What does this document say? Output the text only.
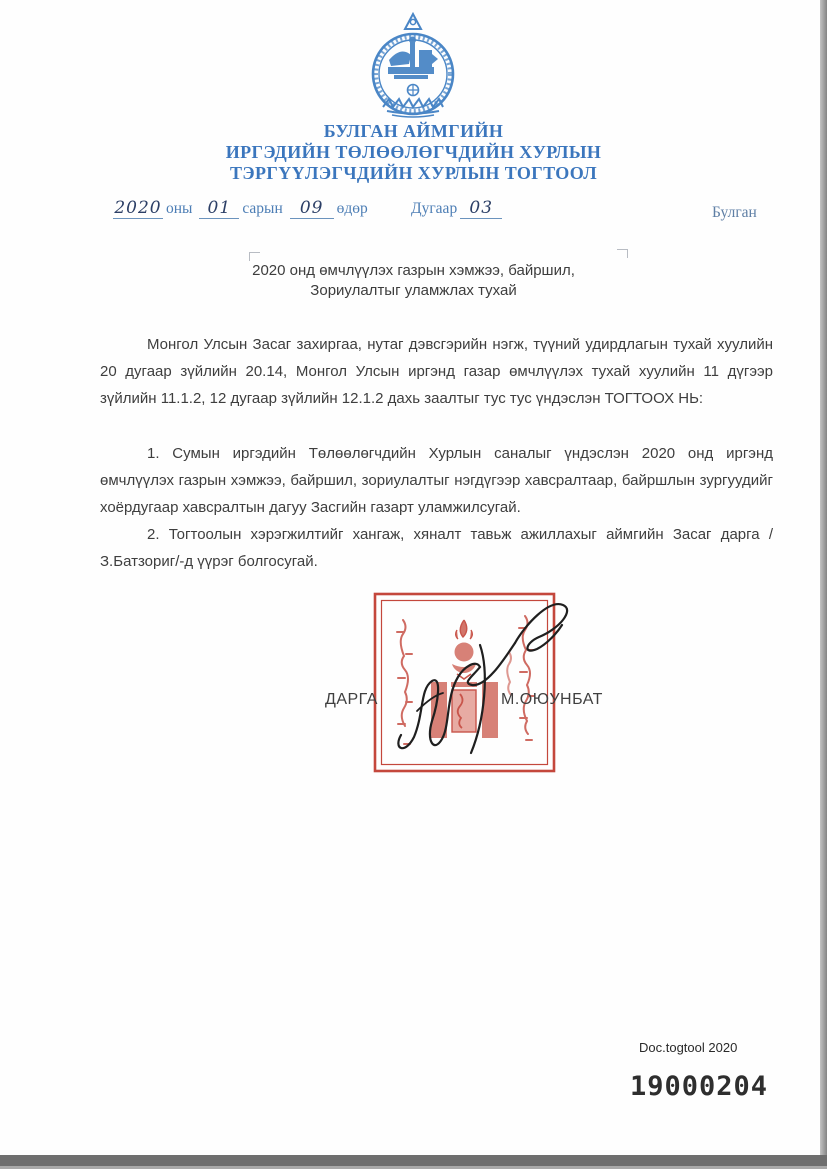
БУЛГАН АЙМГИЙН
ИРГЭДИЙН ТӨЛӨӨЛӨГЧДИЙН ХУРЛЫН
ТЭРГҮҮЛЭГЧДИЙН ХУРЛЫН ТОГТООЛ
2020 оны 01 сарын 09 өдөр	Дугаар 03	Булган
2020 онд өмчлүүлэх газрын хэмжээ, байршил,
Зориулалтыг уламжлах тухай

Монгол Улсын Засаг захиргаа, нутаг дэвсгэрийн нэгж, түүний удирдлагын тухай хуулийн 20 дугаар зүйлийн 20.14, Монгол Улсын иргэнд газар өмчлүүлэх тухай хуулийн 11 дүгээр зүйлийн 11.1.2, 12 дугаар зүйлийн 12.1.2 дахь заалтыг тус тус үндэслэн ТОГТООХ НЬ:

1. Сумын иргэдийн Төлөөлөгчдийн Хурлын саналыг үндэслэн 2020 онд иргэнд өмчлүүлэх газрын хэмжээ, байршил, зориулалтыг нэгдүгээр хавсралтаар, байршлын зургуудийг хоёрдугаар хавсралтын дагуу Засгийн газарт уламжилсугай.

2. Тогтоолын хэрэгжилтийг хангаж, хяналт тавьж ажиллахыг аймгийн Засаг дарга /З.Батзориг/-д үүрэг болгосугай.

ДАРГА	М.ОЮУНБАТ
Doc.togtool 2020
19000204
